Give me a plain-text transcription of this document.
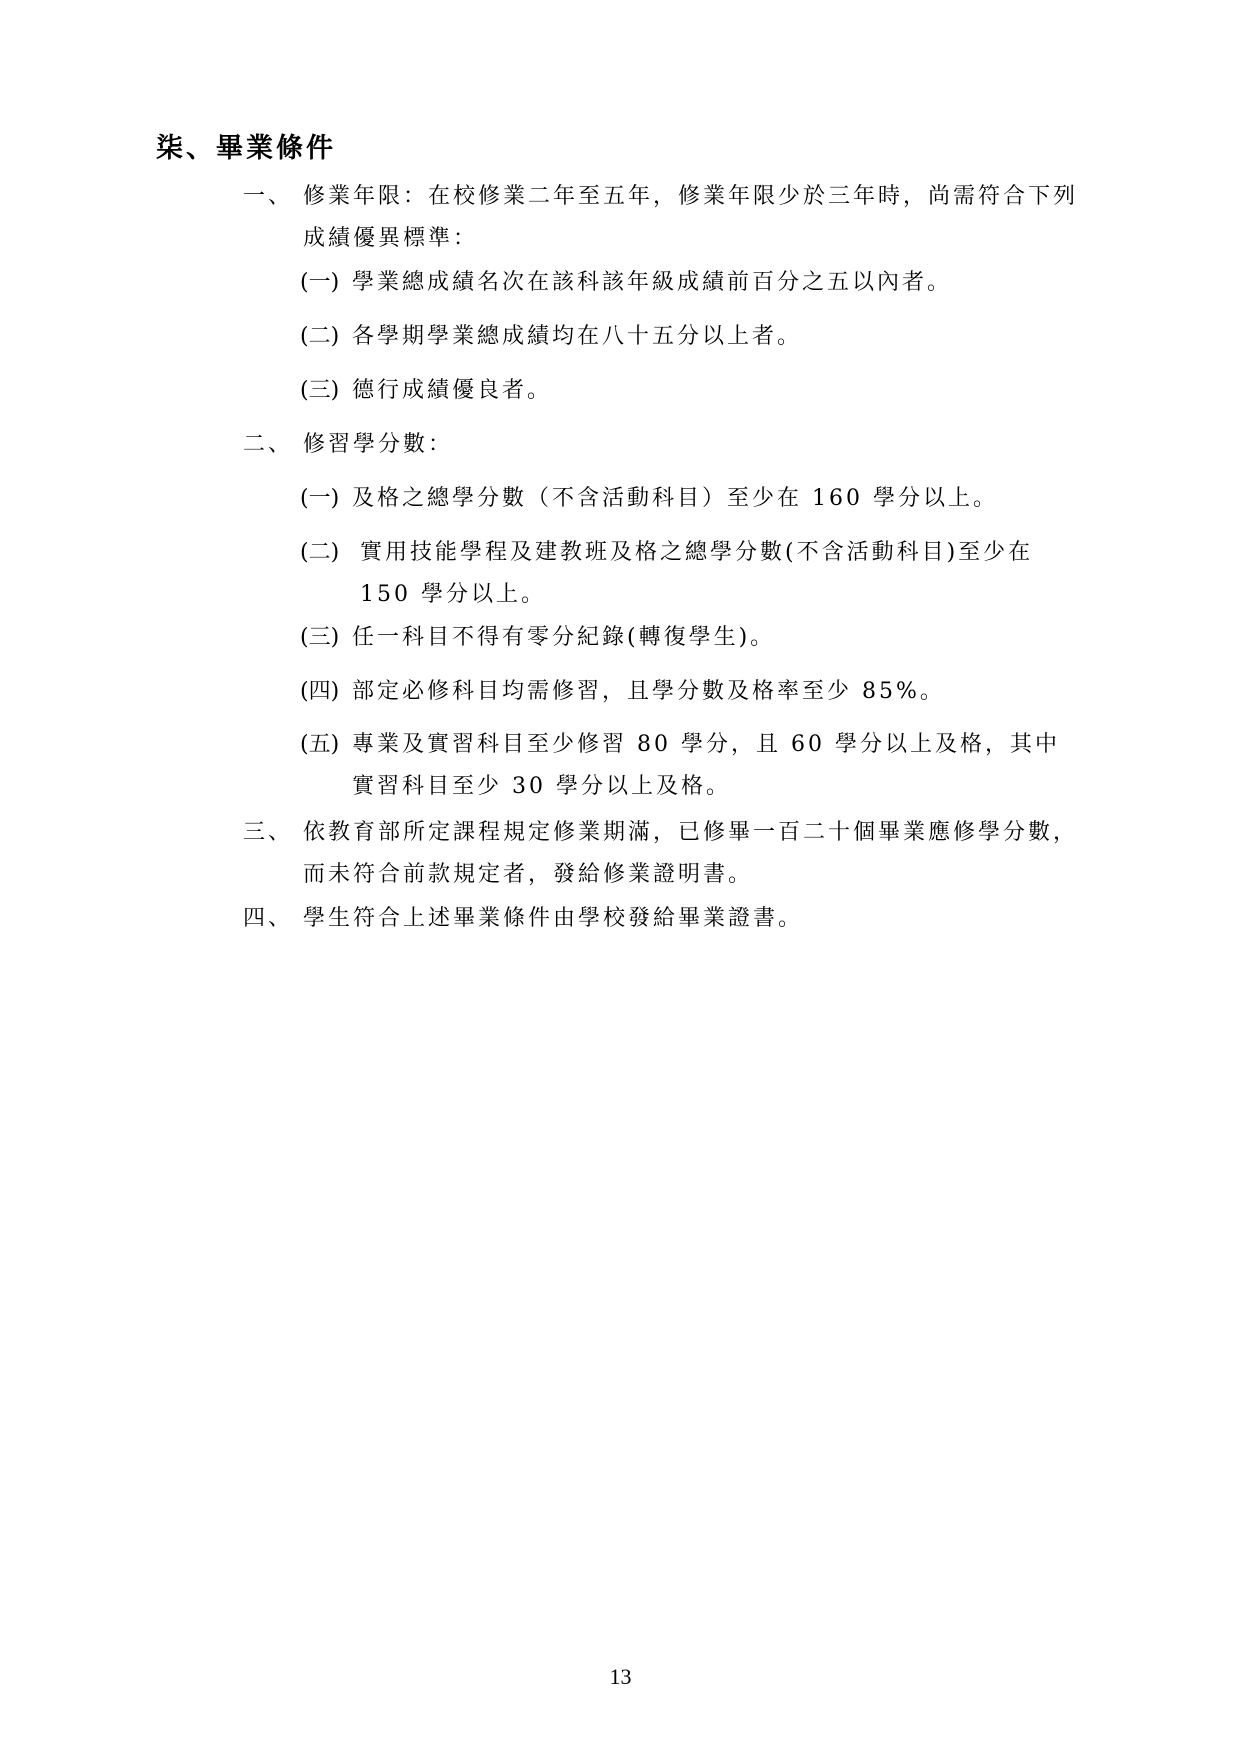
柒、畢業條件
一、 修業年限：在校修業二年至五年，修業年限少於三年時，尚需符合下列成績優異標準：
(一) 學業總成績名次在該科該年級成績前百分之五以內者。
(二) 各學期學業總成績均在八十五分以上者。
(三) 德行成績優良者。
二、 修習學分數：
(一) 及格之總學分數（不含活動科目）至少在 160 學分以上。
(二) 實用技能學程及建教班及格之總學分數(不含活動科目)至少在 150 學分以上。
(三) 任一科目不得有零分紀錄(轉復學生)。
(四) 部定必修科目均需修習，且學分數及格率至少 85%。
(五) 專業及實習科目至少修習 80 學分，且 60 學分以上及格，其中實習科目至少 30 學分以上及格。
三、 依教育部所定課程規定修業期滿，已修畢一百二十個畢業應修學分數，而未符合前款規定者，發給修業證明書。
四、 學生符合上述畢業條件由學校發給畢業證書。
13
